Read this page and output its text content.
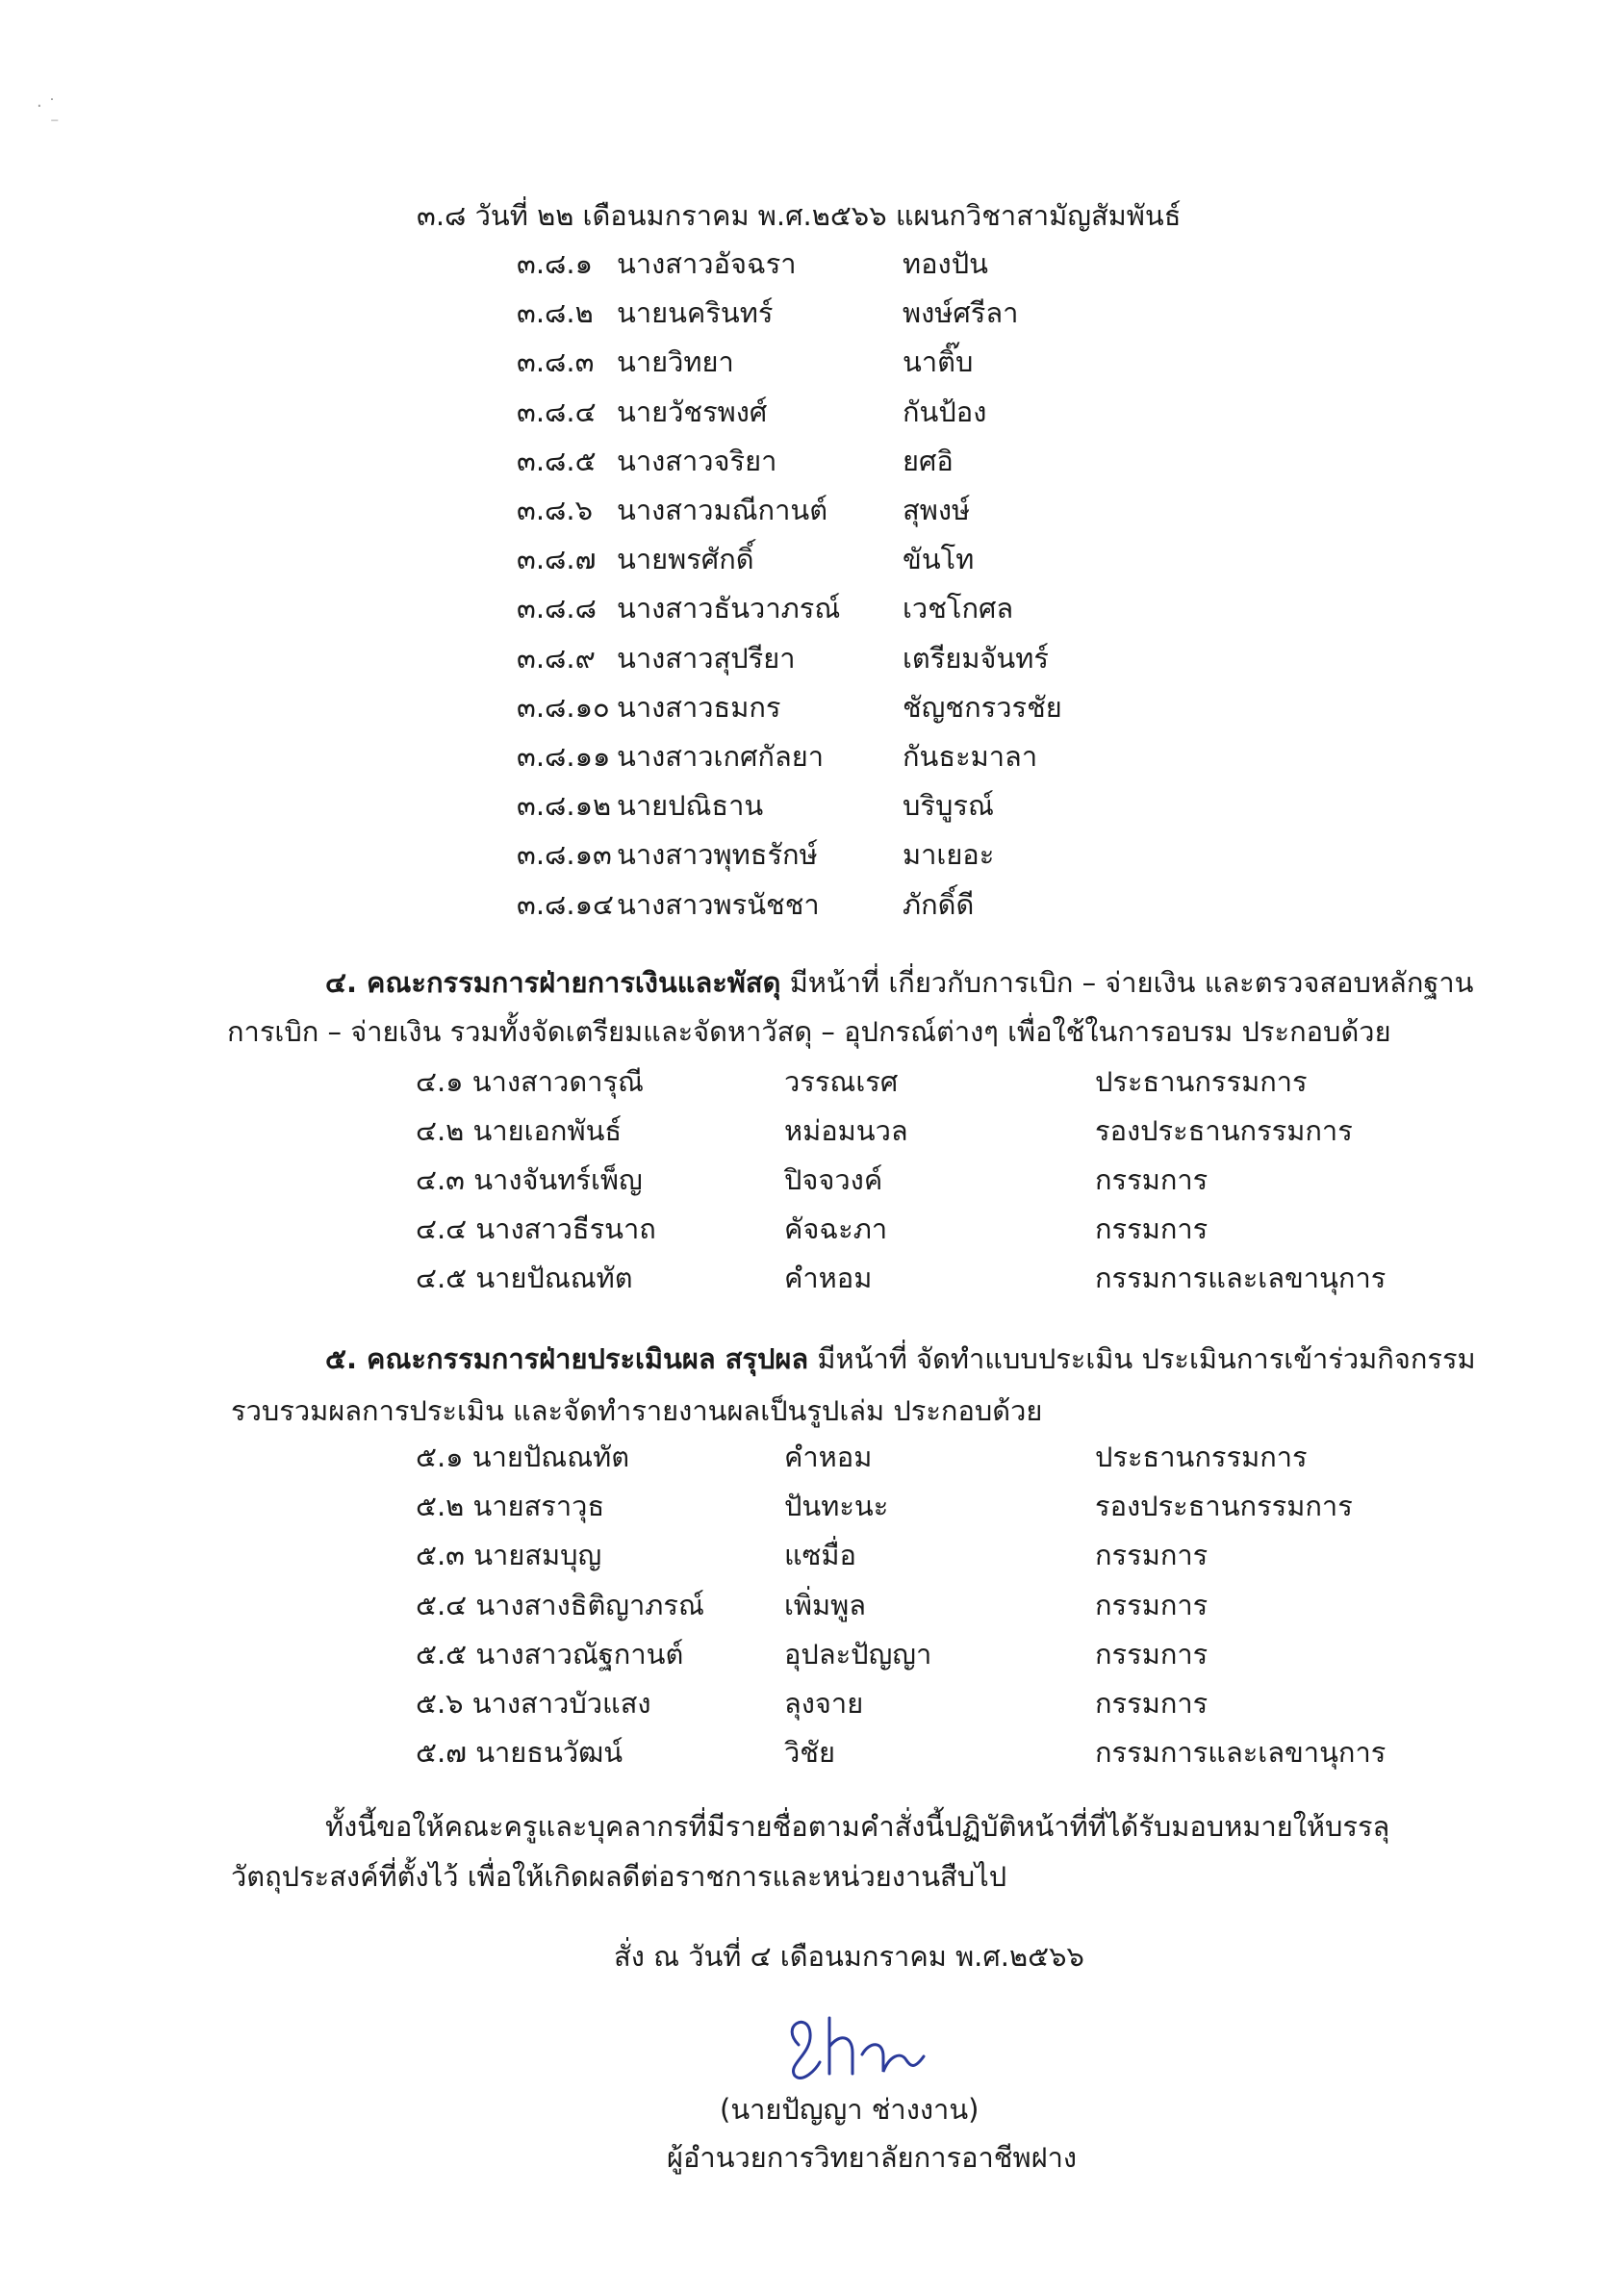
· ˙
⁻
๓.๘ วันที่ ๒๒ เดือนมกราคม พ.ศ.๒๕๖๖ แผนกวิชาสามัญสัมพันธ์
๓.๘.๑ นางสาวอัจฉรา	ทองปัน
๓.๘.๒ นายนครินทร์	พงษ์ศรีลา
๓.๘.๓ นายวิทยา	นาติ๊บ
๓.๘.๔ นายวัชรพงศ์	กันป้อง
๓.๘.๕ นางสาวจริยา	ยศอิ
๓.๘.๖ นางสาวมณีกานต์	สุพงษ์
๓.๘.๗ นายพรศักดิ์	ขันโท
๓.๘.๘ นางสาวธันวาภรณ์ เวชโกศล
๓.๘.๙ นางสาวสุปรียา	เตรียมจันทร์
๓.๘.๑๐ นางสาวธมกร	ชัญชกรวรชัย
๓.๘.๑๑ นางสาวเกศกัลยา	กันธะมาลา
๓.๘.๑๒ นายปณิธาน	บริบูรณ์
๓.๘.๑๓ นางสาวพุทธรักษ์	มาเยอะ
๓.๘.๑๔ นางสาวพรนัชชา	ภักดิ์ดี
๔. คณะกรรมการฝ่ายการเงินและพัสดุ มีหน้าที่ เกี่ยวกับการเบิก – จ่ายเงิน และตรวจสอบหลักฐาน
การเบิก – จ่ายเงิน รวมทั้งจัดเตรียมและจัดหาวัสดุ – อุปกรณ์ต่างๆ เพื่อใช้ในการอบรม ประกอบด้วย
๔.๑ นางสาวดารุณี	วรรณเรศ	ประธานกรรมการ
๔.๒ นายเอกพันธ์	หม่อมนวล	รองประธานกรรมการ
๔.๓ นางจันทร์เพ็ญ	ปิจจวงค์	กรรมการ
๔.๔ นางสาวธีรนาถ	คัจฉะภา	กรรมการ
๔.๕ นายปัณณทัต	คำหอม	กรรมการและเลขานุการ
๕. คณะกรรมการฝ่ายประเมินผล สรุปผล มีหน้าที่ จัดทำแบบประเมิน ประเมินการเข้าร่วมกิจกรรม
รวบรวมผลการประเมิน และจัดทำรายงานผลเป็นรูปเล่ม ประกอบด้วย
๕.๑ นายปัณณทัต	คำหอม	ประธานกรรมการ
๕.๒ นายสราวุธ	ปันทะนะ	รองประธานกรรมการ
๕.๓ นายสมบุญ	แซมื่อ	กรรมการ
๕.๔ นางสางธิติญาภรณ์	เพิ่มพูล	กรรมการ
๕.๕ นางสาวณัฐกานต์	อุปละปัญญา	กรรมการ
๕.๖ นางสาวบัวแสง	ลุงจาย	กรรมการ
๕.๗ นายธนวัฒน์	วิชัย	กรรมการและเลขานุการ
ทั้งนี้ขอให้คณะครูและบุคลากรที่มีรายชื่อตามคำสั่งนี้ปฏิบัติหน้าที่ที่ได้รับมอบหมายให้บรรลุ
วัตถุประสงค์ที่ตั้งไว้ เพื่อให้เกิดผลดีต่อราชการและหน่วยงานสืบไป
สั่ง ณ วันที่ ๔ เดือนมกราคม พ.ศ.๒๕๖๖
(นายปัญญา ช่างงาน)
ผู้อำนวยการวิทยาลัยการอาชีพฝาง
